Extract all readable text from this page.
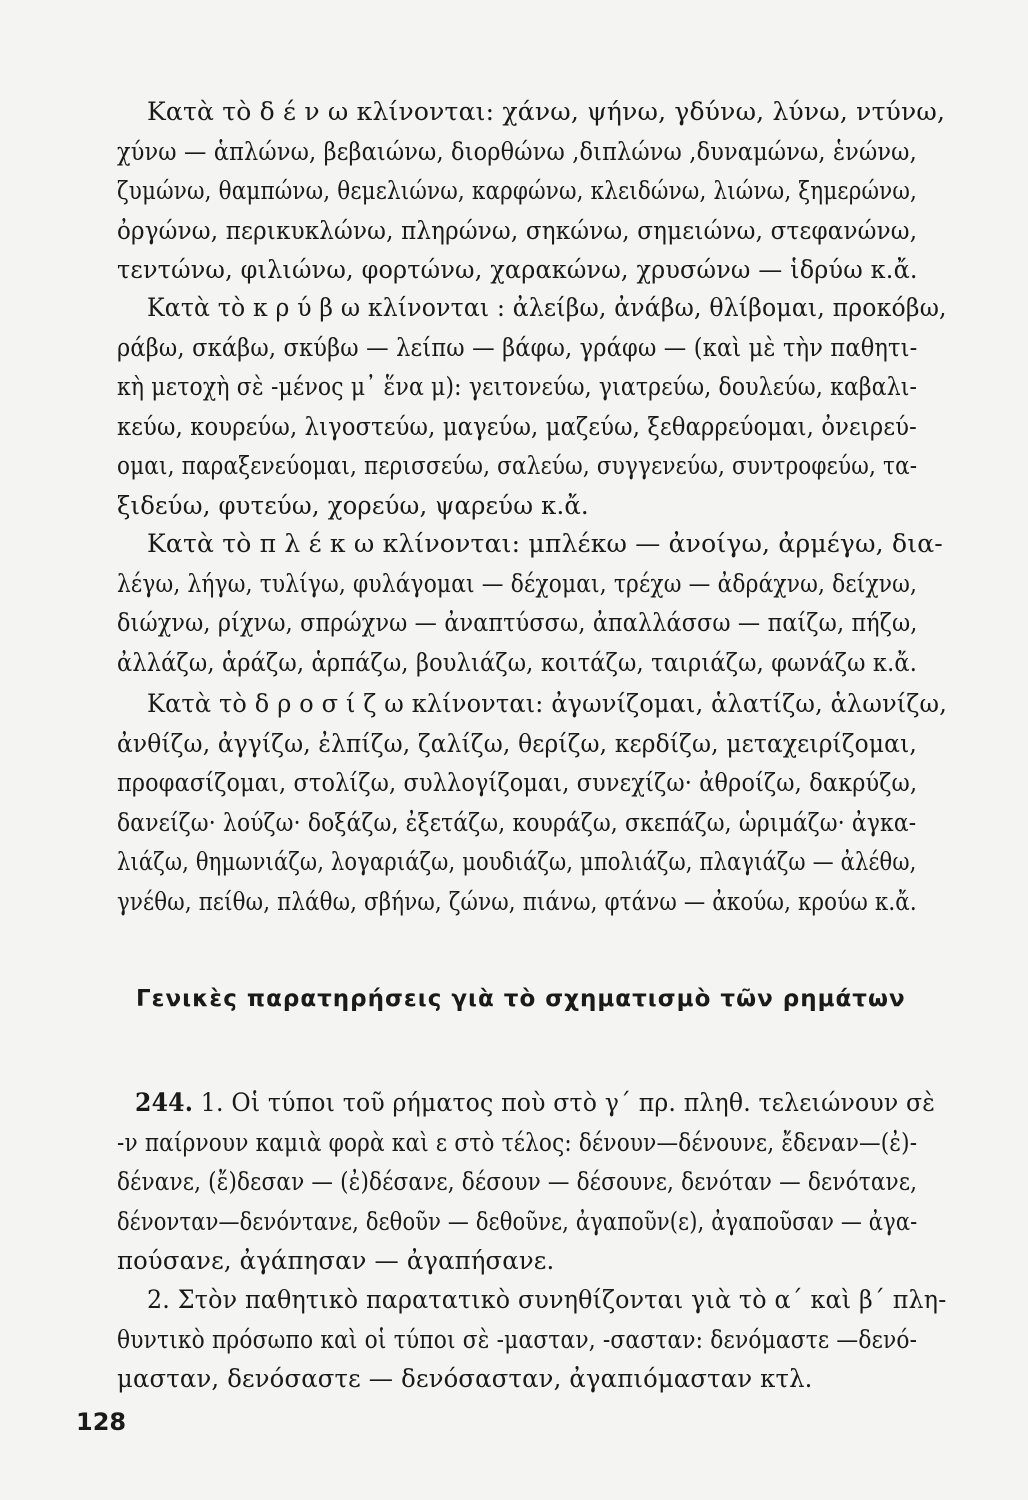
Κατὰ τὸ δ έ ν ω κλίνονται: χάνω, ψήνω, γδύνω, λύνω, ντύνω,
χύνω — ἁπλώνω, βεβαιώνω, διορθώνω ,διπλώνω ,δυναμώνω, ἑνώνω,
ζυμώνω, θαμπώνω, θεμελιώνω, καρφώνω, κλειδώνω, λιώνω, ξημερώνω,
ὀργώνω, περικυκλώνω, πληρώνω, σηκώνω, σημειώνω, στεφανώνω,
τεντώνω, φιλιώνω, φορτώνω, χαρακώνω, χρυσώνω — ἱδρύω κ.ἄ.
Κατὰ τὸ κ ρ ύ β ω κλίνονται : ἀλείβω, ἀνάβω, θλίβομαι, προκόβω,
ράβω, σκάβω, σκύβω — λείπω — βάφω, γράφω — (καὶ μὲ τὴν παθητι-
κὴ μετοχὴ σὲ -μένος μ᾽ ἕνα μ): γειτονεύω, γιατρεύω, δουλεύω, καβαλι-
κεύω, κουρεύω, λιγοστεύω, μαγεύω, μαζεύω, ξεθαρρεύομαι, ὀνειρεύ-
ομαι, παραξενεύομαι, περισσεύω, σαλεύω, συγγενεύω, συντροφεύω, τα-
ξιδεύω, φυτεύω, χορεύω, ψαρεύω κ.ἄ.
Κατὰ τὸ π λ έ κ ω κλίνονται: μπλέκω — ἀνοίγω, ἀρμέγω, δια-
λέγω, λήγω, τυλίγω, φυλάγομαι — δέχομαι, τρέχω — ἀδράχνω, δείχνω,
διώχνω, ρίχνω, σπρώχνω — ἀναπτύσσω, ἀπαλλάσσω — παίζω, πήζω,
ἀλλάζω, ἁράζω, ἁρπάζω, βουλιάζω, κοιτάζω, ταιριάζω, φωνάζω κ.ἄ.
Κατὰ τὸ δ ρ ο σ ί ζ ω κλίνονται: ἀγωνίζομαι, ἁλατίζω, ἁλωνίζω,
ἀνθίζω, ἀγγίζω, ἐλπίζω, ζαλίζω, θερίζω, κερδίζω, μεταχειρίζομαι,
προφασίζομαι, στολίζω, συλλογίζομαι, συνεχίζω· ἀθροίζω, δακρύζω,
δανείζω· λούζω· δοξάζω, ἐξετάζω, κουράζω, σκεπάζω, ὡριμάζω· ἀγκα-
λιάζω, θημωνιάζω, λογαριάζω, μουδιάζω, μπολιάζω, πλαγιάζω — ἀλέθω,
γνέθω, πείθω, πλάθω, σβήνω, ζώνω, πιάνω, φτάνω — ἀκούω, κρούω κ.ἄ.
Γενικὲς παρατηρήσεις γιὰ τὸ σχηματισμὸ τῶν ρημάτων
244. 1. Οἱ τύποι τοῦ ρήματος ποὺ στὸ γ΄ πρ. πληθ. τελειώνουν σὲ
-ν παίρνουν καμιὰ φορὰ καὶ ε στὸ τέλος: δένουν—δένουνε, ἔδεναν—(ἐ)-
δένανε, (ἔ)δεσαν — (ἐ)δέσανε, δέσουν — δέσουνε, δενόταν — δενότανε,
δένονταν—δενόντανε, δεθοῦν — δεθοῦνε, ἀγαποῦν(ε), ἀγαποῦσαν — ἀγα-
πούσανε, ἀγάπησαν — ἀγαπήσανε.
2. Στὸν παθητικὸ παρατατικὸ συνηθίζονται γιὰ τὸ α΄ καὶ β΄ πλη-
θυντικὸ πρόσωπο καὶ οἱ τύποι σὲ -μασταν, -σασταν: δενόμαστε —δενό-
μασταν, δενόσαστε — δενόσασταν, ἀγαπιόμασταν κτλ.
128
